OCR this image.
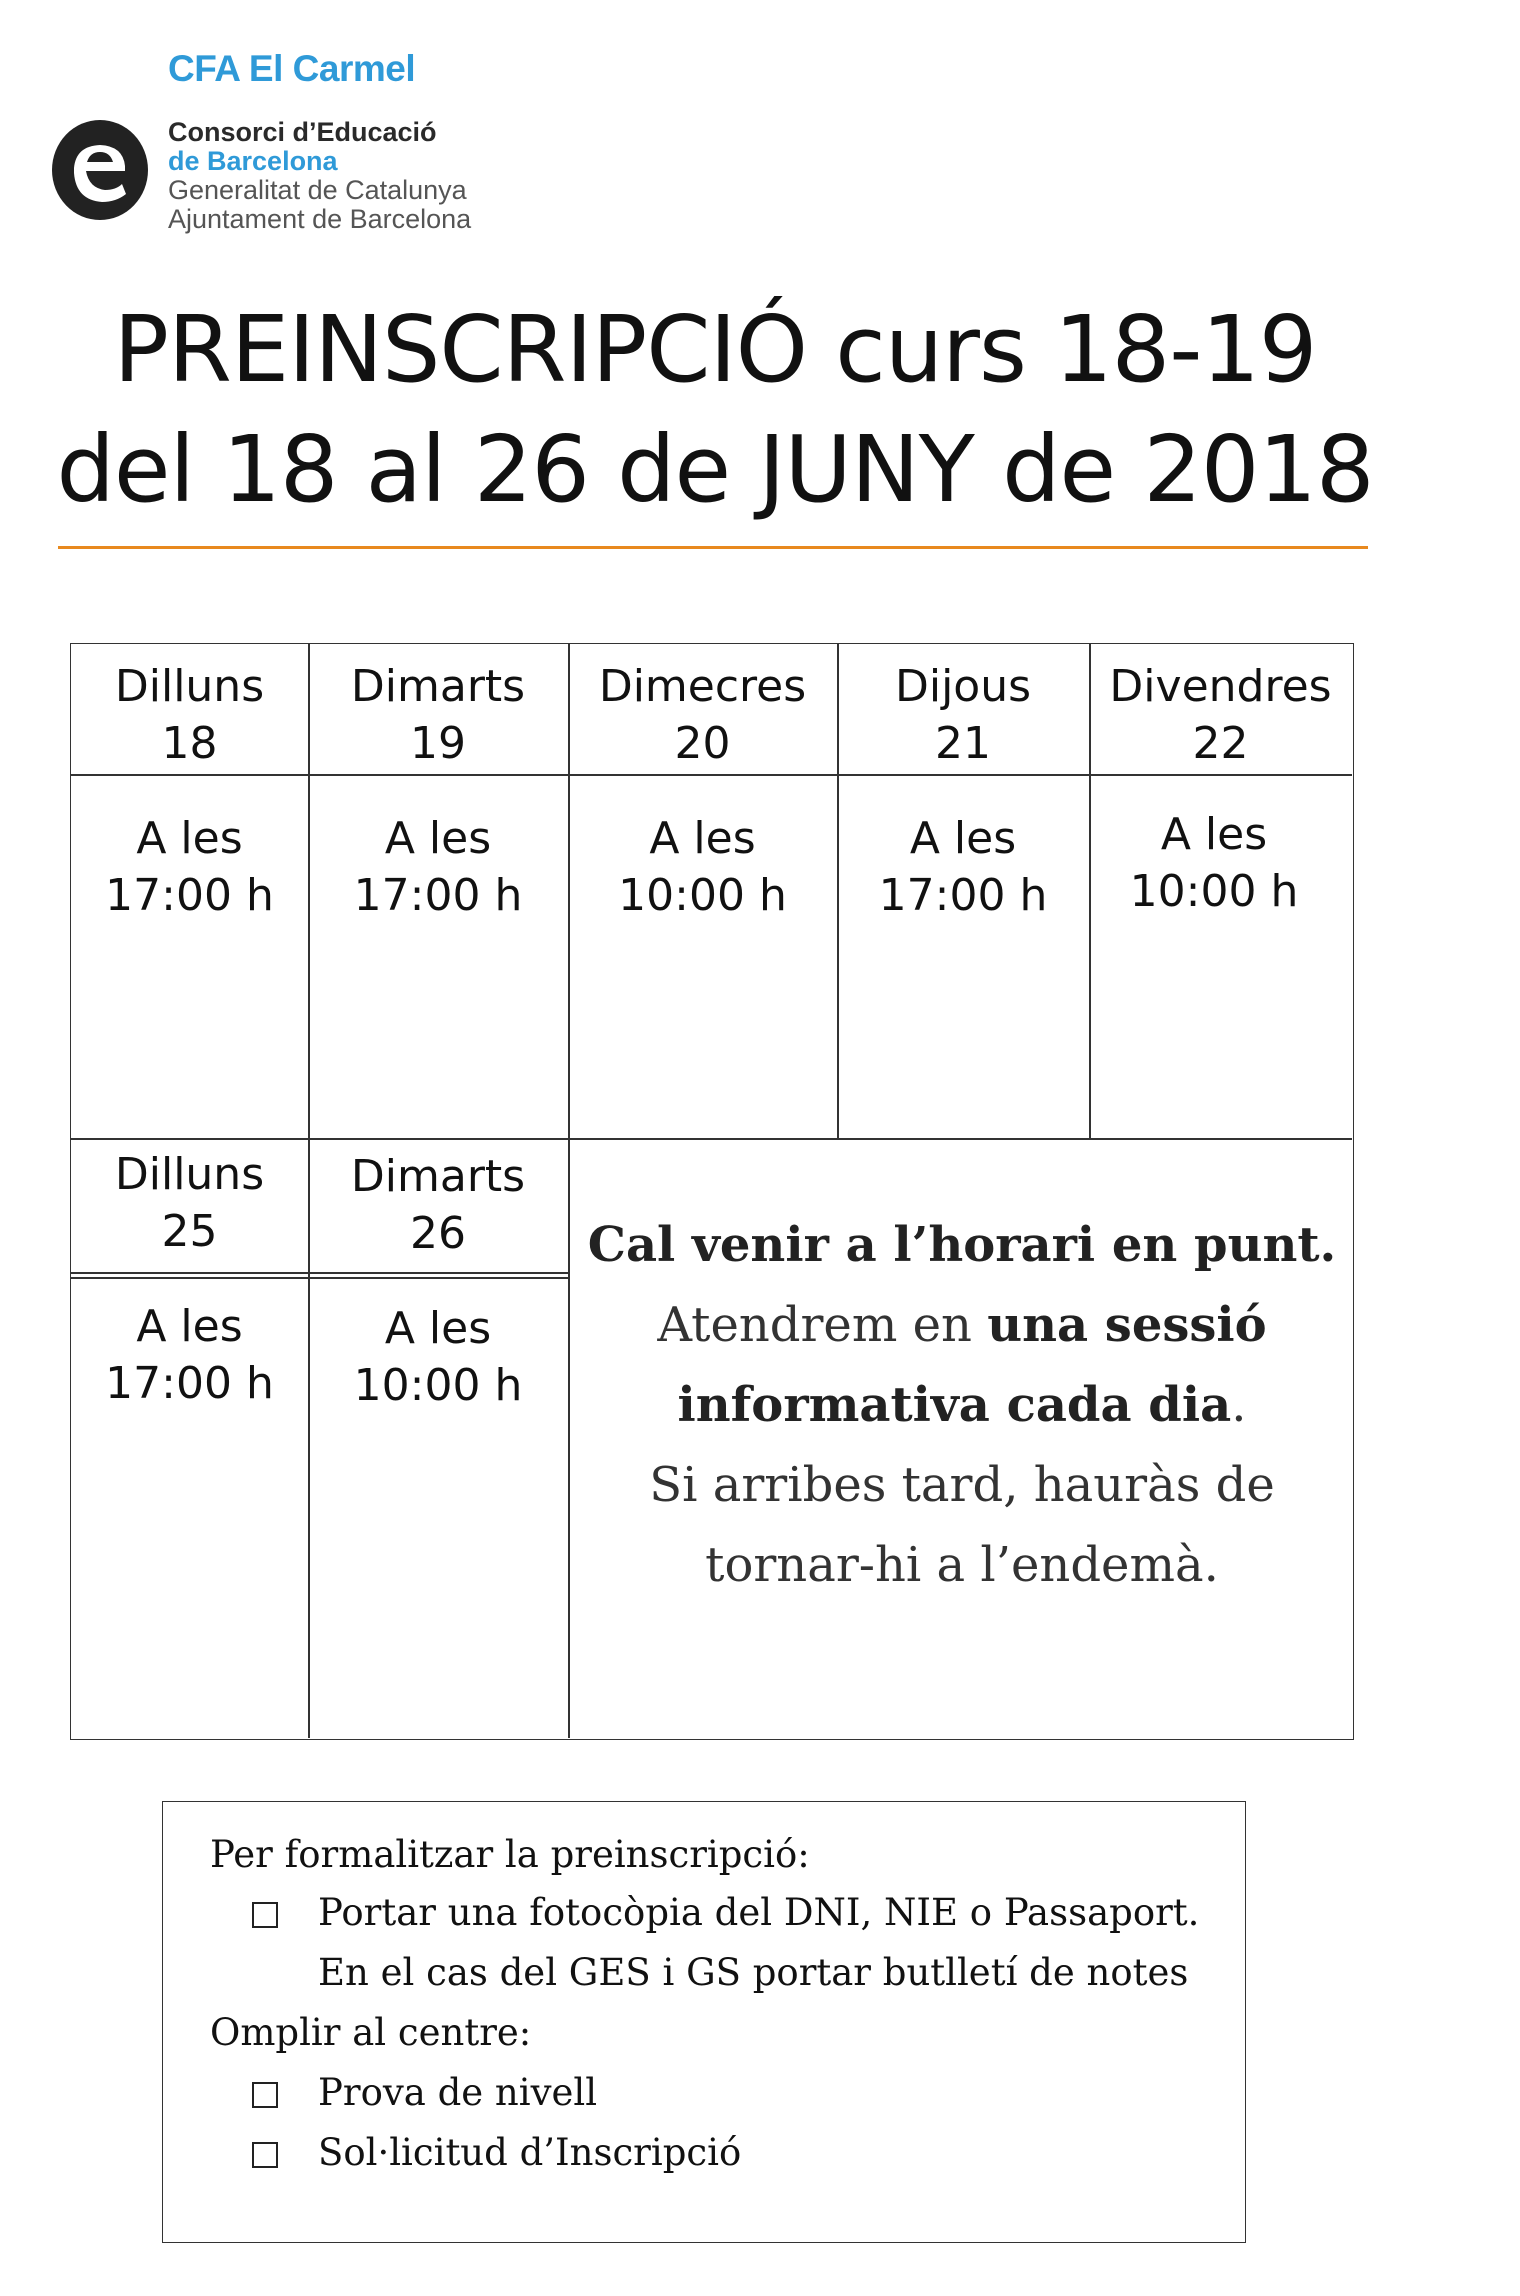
CFA El Carmel
Consorci d’Educació
de Barcelona
Generalitat de Catalunya
Ajuntament de Barcelona
PREINSCRIPCIÓ curs 18-19
del 18 al 26 de JUNY de 2018
Dilluns
18
Dimarts
19
Dimecres
20
Dijous
21
Divendres
22
A les
17:00 h
A les
17:00 h
A les
10:00 h
A les
17:00 h
A les
10:00 h
Dilluns
25
Dimarts
26
A les
17:00 h
A les
10:00 h
Cal venir a l’horari en punt.
Atendrem en una sessió
informativa cada dia.
Si arribes tard, hauràs de
tornar-hi a l’endemà.
Per formalitzar la preinscripció:
Portar una fotocòpia del DNI, NIE o Passaport.
En el cas del GES i GS portar butlletí de notes
Omplir al centre:
Prova de nivell
Sol·licitud d’Inscripció
